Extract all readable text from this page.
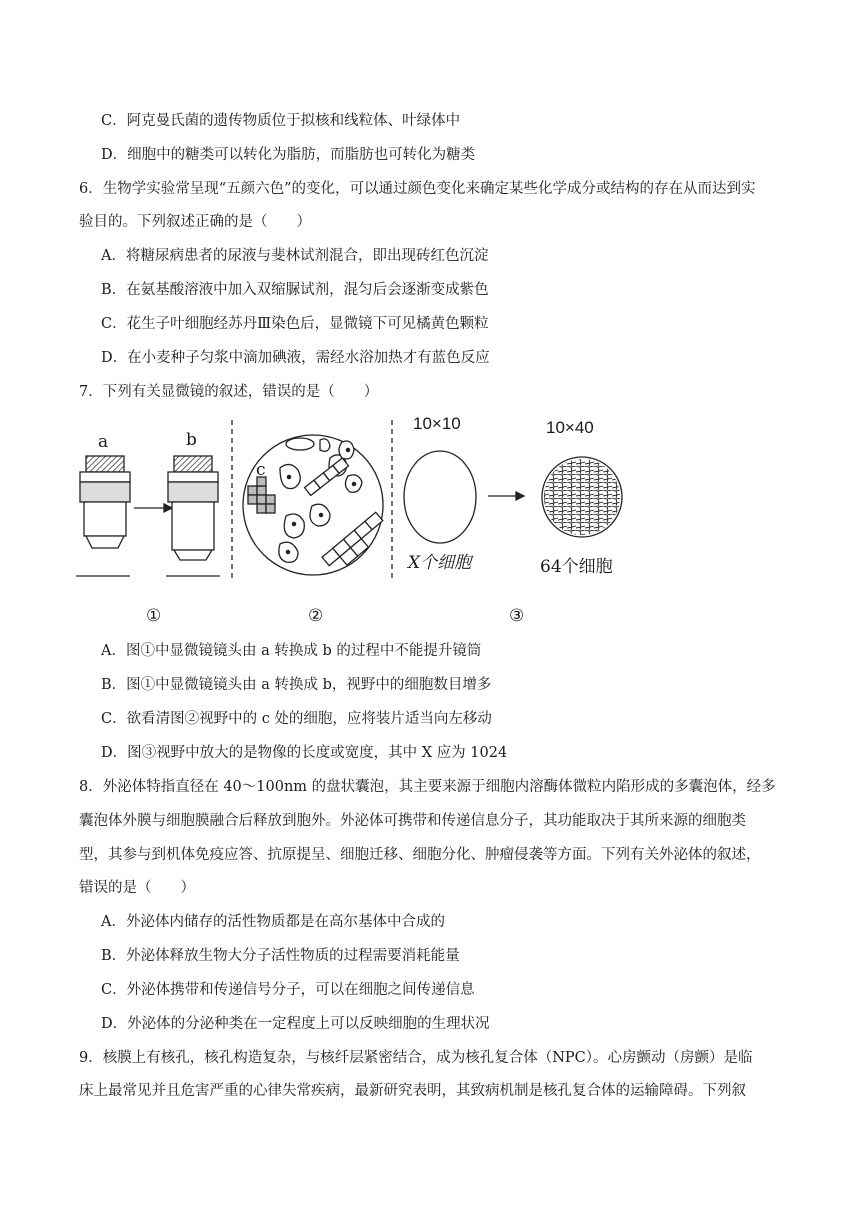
C．阿克曼氏菌的遗传物质位于拟核和线粒体、叶绿体中
D．细胞中的糖类可以转化为脂肪，而脂肪也可转化为糖类
6．生物学实验常呈现“五颜六色”的变化，可以通过颜色变化来确定某些化学成分或结构的存在从而达到实
验目的。下列叙述正确的是（　　）
A．将糖尿病患者的尿液与斐林试剂混合，即出现砖红色沉淀
B．在氨基酸溶液中加入双缩脲试剂，混匀后会逐渐变成紫色
C．花生子叶细胞经苏丹Ⅲ染色后，显微镜下可见橘黄色颗粒
D．在小麦种子匀浆中滴加碘液，需经水浴加热才有蓝色反应
7．下列有关显微镜的叙述，错误的是（　　）
a	b
c
10×10	10×40
X个细胞	64个细胞
①	②	③
A．图①中显微镜镜头由 a 转换成 b 的过程中不能提升镜筒
B．图①中显微镜镜头由 a 转换成 b，视野中的细胞数目增多
C．欲看清图②视野中的 c 处的细胞，应将装片适当向左移动
D．图③视野中放大的是物像的长度或宽度，其中 X 应为 1024
8．外泌体特指直径在 40～100nm 的盘状囊泡，其主要来源于细胞内溶酶体微粒内陷形成的多囊泡体，经多
囊泡体外膜与细胞膜融合后释放到胞外。外泌体可携带和传递信息分子，其功能取决于其所来源的细胞类
型，其参与到机体免疫应答、抗原提呈、细胞迁移、细胞分化、肿瘤侵袭等方面。下列有关外泌体的叙述，
错误的是（　　）
A．外泌体内储存的活性物质都是在高尔基体中合成的
B．外泌体释放生物大分子活性物质的过程需要消耗能量
C．外泌体携带和传递信号分子，可以在细胞之间传递信息
D．外泌体的分泌种类在一定程度上可以反映细胞的生理状况
9．核膜上有核孔，核孔构造复杂，与核纤层紧密结合，成为核孔复合体（NPC）。心房颤动（房颤）是临
床上最常见并且危害严重的心律失常疾病，最新研究表明，其致病机制是核孔复合体的运输障碍。下列叙
